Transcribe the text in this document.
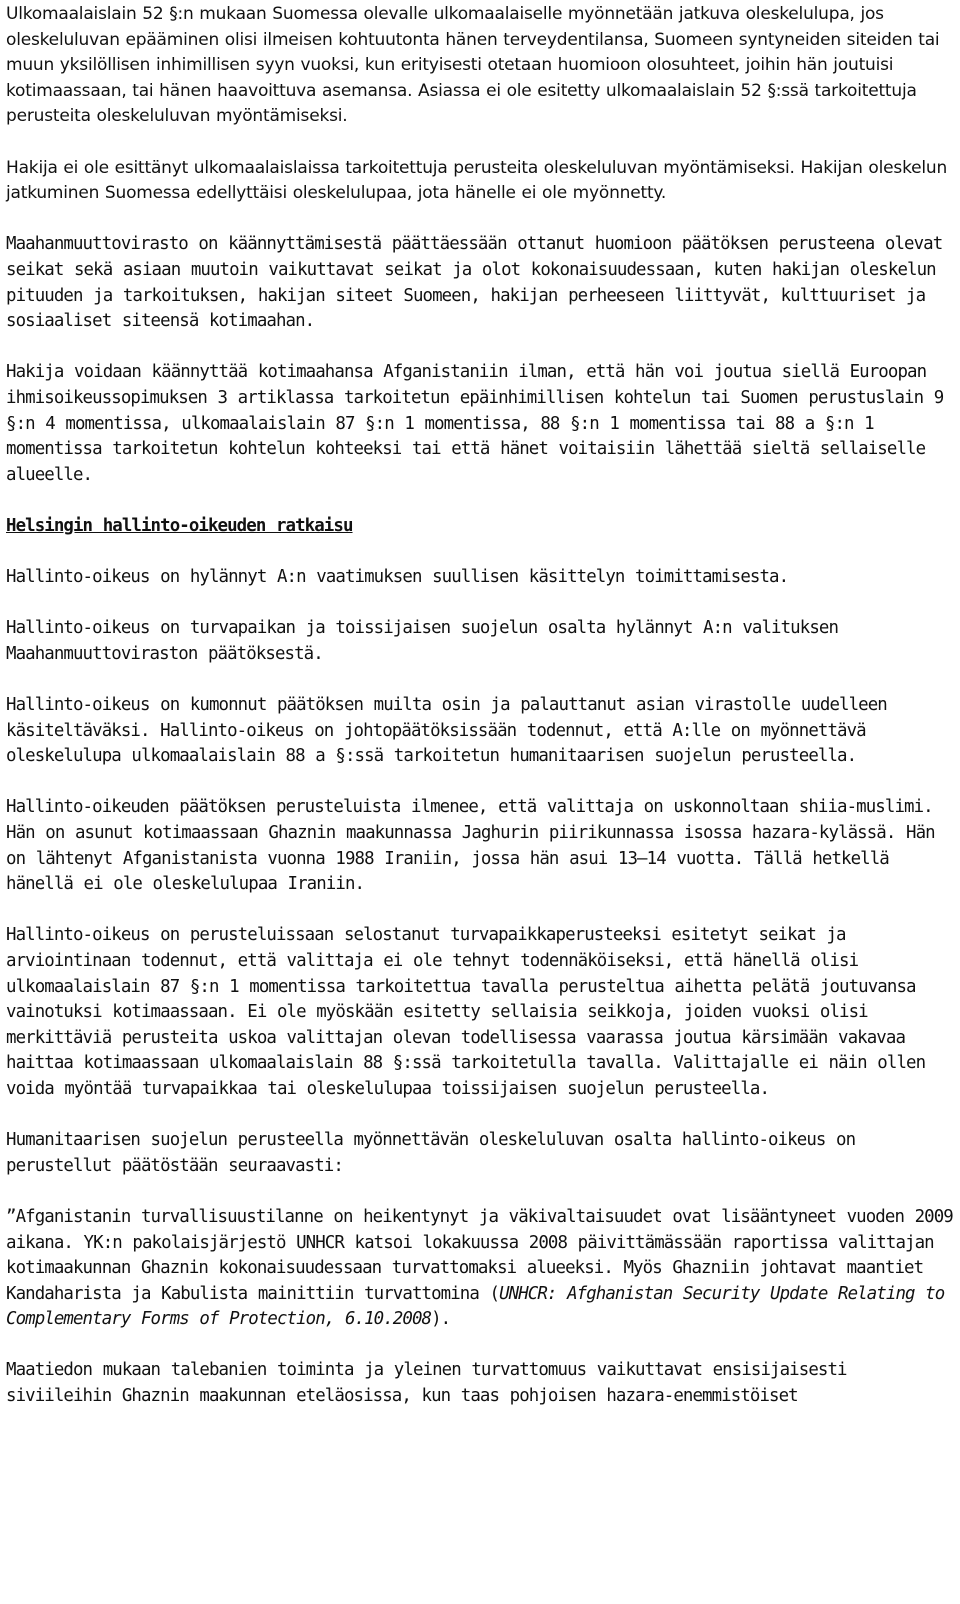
Ulkomaalaislain 52 §:n mukaan Suomessa olevalle ulkomaalaiselle myönnetään jatkuva oleskelulupa, jos oleskeluluvan epääminen olisi ilmeisen kohtuutonta hänen terveydentilansa, Suomeen syntyneiden siteiden tai muun yksilöllisen inhimillisen syyn vuoksi, kun erityisesti otetaan huomioon olosuhteet, joihin hän joutuisi kotimaassaan, tai hänen haavoittuva asemansa. Asiassa ei ole esitetty ulkomaalaislain 52 §:ssä tarkoitettuja perusteita oleskeluluvan myöntämiseksi.

Hakija ei ole esittänyt ulkomaalaislaissa tarkoitettuja perusteita oleskeluluvan myöntämiseksi. Hakijan oleskelun jatkuminen Suomessa edellyttäisi oleskelulupaa, jota hänelle ei ole myönnetty.

Maahanmuuttovirasto on käännyttämisestä päättäessään ottanut huomioon päätöksen perusteena olevat seikat sekä asiaan muutoin vaikuttavat seikat ja olot kokonaisuudessaan, kuten hakijan oleskelun pituuden ja tarkoituksen, hakijan siteet Suomeen, hakijan perheeseen liittyvät, kulttuuriset ja sosiaaliset siteensä kotimaahan.

Hakija voidaan käännyttää kotimaahansa Afganistaniin ilman, että hän voi joutua siellä Euroopan ihmisoikeussopimuksen 3 artiklassa tarkoitetun epäinhimillisen kohtelun tai Suomen perustuslain 9 §:n 4 momentissa, ulkomaalaislain 87 §:n 1 momentissa, 88 §:n 1 momentissa tai 88 a §:n 1 momentissa tarkoitetun kohtelun kohteeksi tai että hänet voitaisiin lähettää sieltä sellaiselle alueelle.

Helsingin hallinto-oikeuden ratkaisu

Hallinto-oikeus on hylännyt A:n vaatimuksen suullisen käsittelyn toimittamisesta.

Hallinto-oikeus on turvapaikan ja toissijaisen suojelun osalta hylännyt A:n valituksen Maahanmuuttoviraston päätöksestä.

Hallinto-oikeus on kumonnut päätöksen muilta osin ja palauttanut asian virastolle uudelleen käsiteltäväksi. Hallinto-oikeus on johtopäätöksissään todennut, että A:lle on myönnettävä oleskelulupa ulkomaalaislain 88 a §:ssä tarkoitetun humanitaarisen suojelun perusteella.

Hallinto-oikeuden päätöksen perusteluista ilmenee, että valittaja on uskonnoltaan shiia-muslimi. Hän on asunut kotimaassaan Ghaznin maakunnassa Jaghurin piirikunnassa isossa hazara-kylässä. Hän on lähtenyt Afganistanista vuonna 1988 Iraniin, jossa hän asui 13—14 vuotta. Tällä hetkellä hänellä ei ole oleskelulupaa Iraniin.

Hallinto-oikeus on perusteluissaan selostanut turvapaikkaperusteeksi esitetyt seikat ja arviointinaan todennut, että valittaja ei ole tehnyt todennäköiseksi, että hänellä olisi ulkomaalaislain 87 §:n 1 momentissa tarkoitettua tavalla perusteltua aihetta pelätä joutuvansa vainotuksi kotimaassaan. Ei ole myöskään esitetty sellaisia seikkoja, joiden vuoksi olisi merkittäviä perusteita uskoa valittajan olevan todellisessa vaarassa joutua kärsimään vakavaa haittaa kotimaassaan ulkomaalaislain 88 §:ssä tarkoitetulla tavalla. Valittajalle ei näin ollen voida myöntää turvapaikkaa tai oleskelulupaa toissijaisen suojelun perusteella.

Humanitaarisen suojelun perusteella myönnettävän oleskeluluvan osalta hallinto-oikeus on perustellut päätöstään seuraavasti:

”Afganistanin turvallisuustilanne on heikentynyt ja väkivaltaisuudet ovat lisääntyneet vuoden 2009 aikana. YK:n pakolaisjärjestö UNHCR katsoi lokakuussa 2008 päivittämässään raportissa valittajan kotimaakunnan Ghaznin kokonaisuudessaan turvattomaksi alueeksi. Myös Ghazniin johtavat maantiet Kandaharista ja Kabulista mainittiin turvattomina (UNHCR: Afghanistan Security Update Relating to Complementary Forms of Protection, 6.10.2008).

Maatiedon mukaan talebanien toiminta ja yleinen turvattomuus vaikuttavat ensisijaisesti siviileihin Ghaznin maakunnan eteläosissa, kun taas pohjoisen hazara-enemmistöiset
